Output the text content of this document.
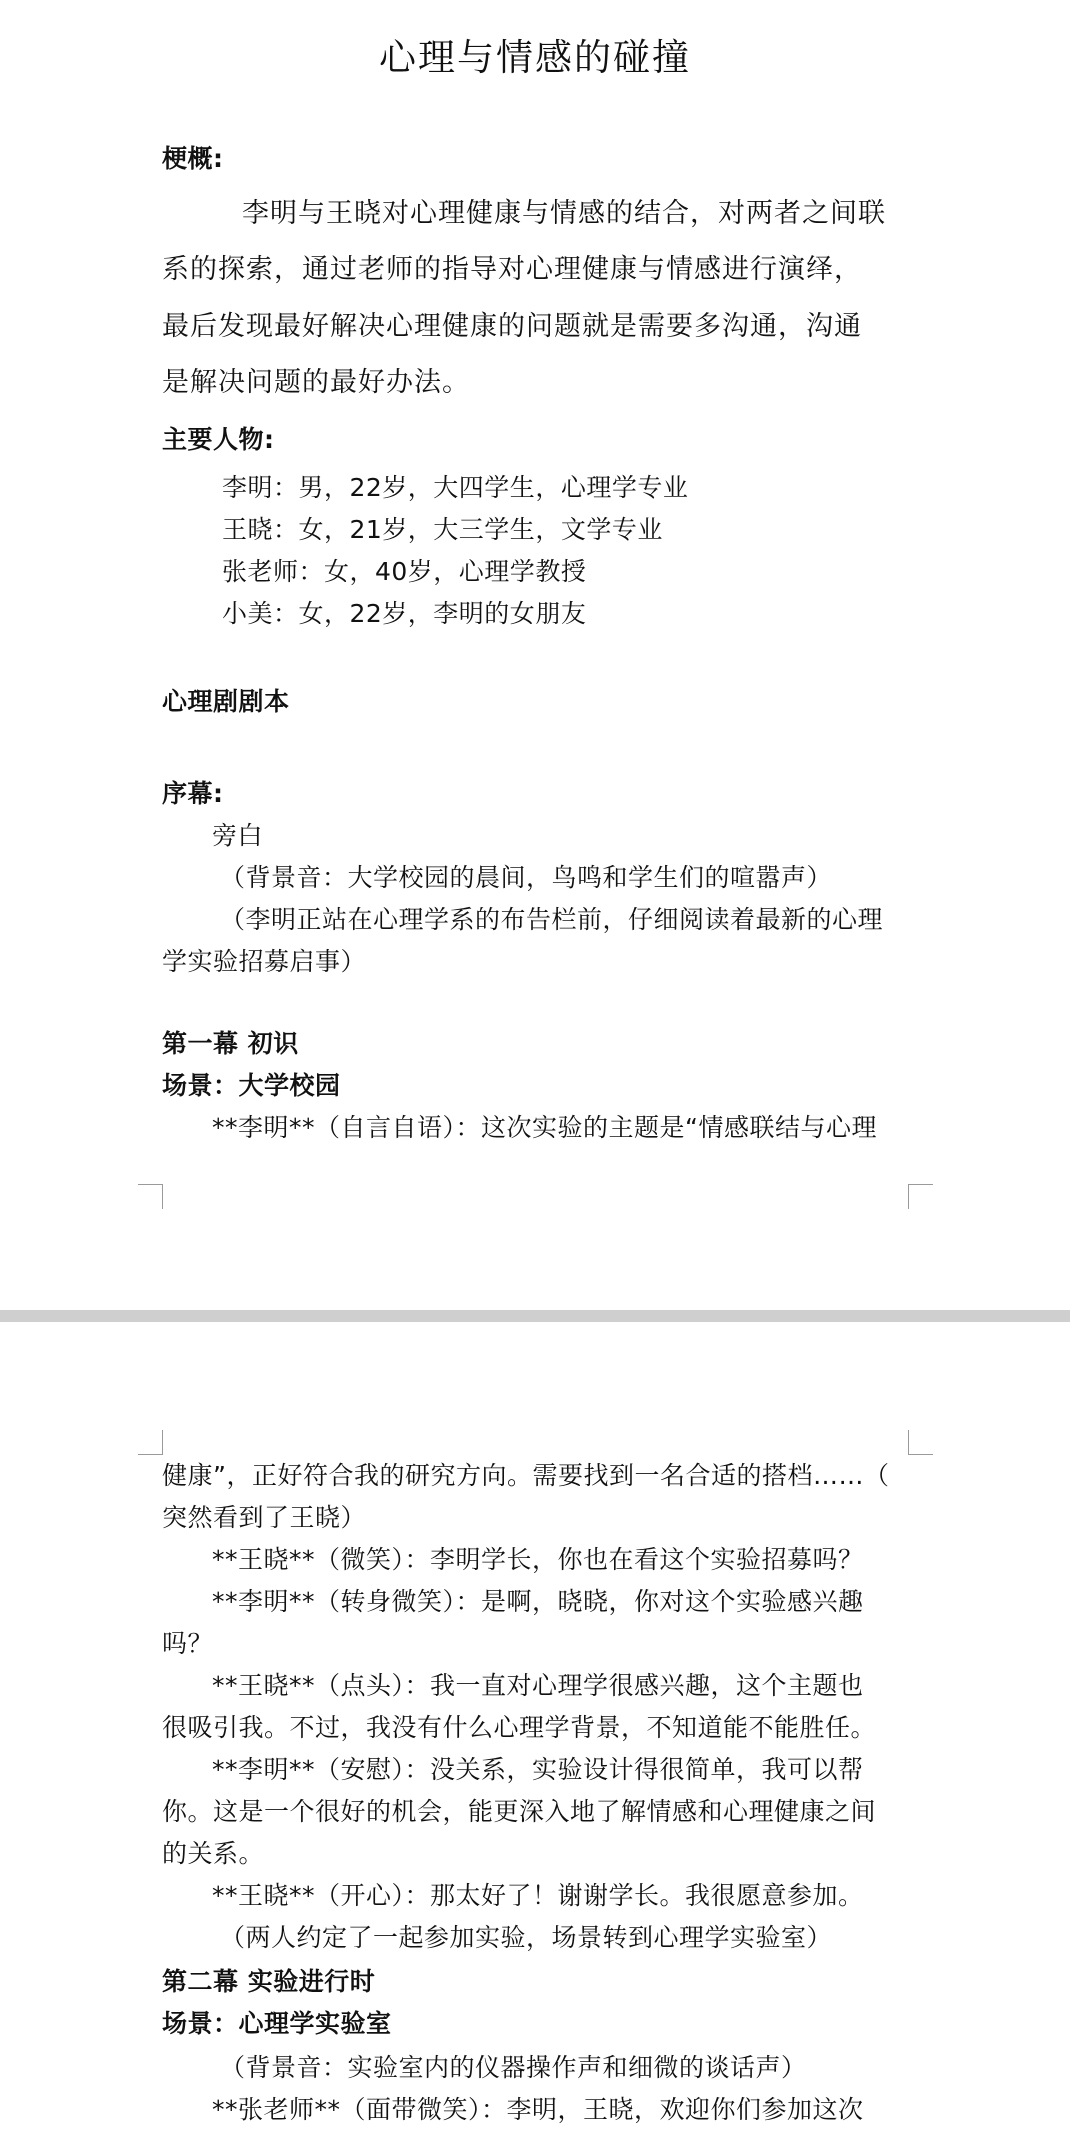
心理与情感的碰撞
梗概:
李明与王晓对心理健康与情感的结合，对两者之间联
系的探索，通过老师的指导对心理健康与情感进行演绎，
最后发现最好解决心理健康的问题就是需要多沟通，沟通
是解决问题的最好办法。
主要人物:
李明：男，22岁，大四学生，心理学专业
王晓：女，21岁，大三学生，文学专业
张老师：女，40岁，心理学教授
小美：女，22岁，李明的女朋友
心理剧剧本
序幕:
旁白
（背景音：大学校园的晨间，鸟鸣和学生们的喧嚣声）
（李明正站在心理学系的布告栏前，仔细阅读着最新的心理
学实验招募启事）
第一幕 初识
场景：大学校园
**李明**（自言自语）：这次实验的主题是“情感联结与心理
健康”，正好符合我的研究方向。需要找到一名合适的搭档……（
突然看到了王晓）
**王晓**（微笑）：李明学长，你也在看这个实验招募吗？
**李明**（转身微笑）：是啊，晓晓，你对这个实验感兴趣
吗？
**王晓**（点头）：我一直对心理学很感兴趣，这个主题也
很吸引我。不过，我没有什么心理学背景，不知道能不能胜任。
**李明**（安慰）：没关系，实验设计得很简单，我可以帮
你。这是一个很好的机会，能更深入地了解情感和心理健康之间
的关系。
**王晓**（开心）：那太好了！谢谢学长。我很愿意参加。
（两人约定了一起参加实验，场景转到心理学实验室）
第二幕 实验进行时
场景：心理学实验室
（背景音：实验室内的仪器操作声和细微的谈话声）
**张老师**（面带微笑）：李明，王晓，欢迎你们参加这次
